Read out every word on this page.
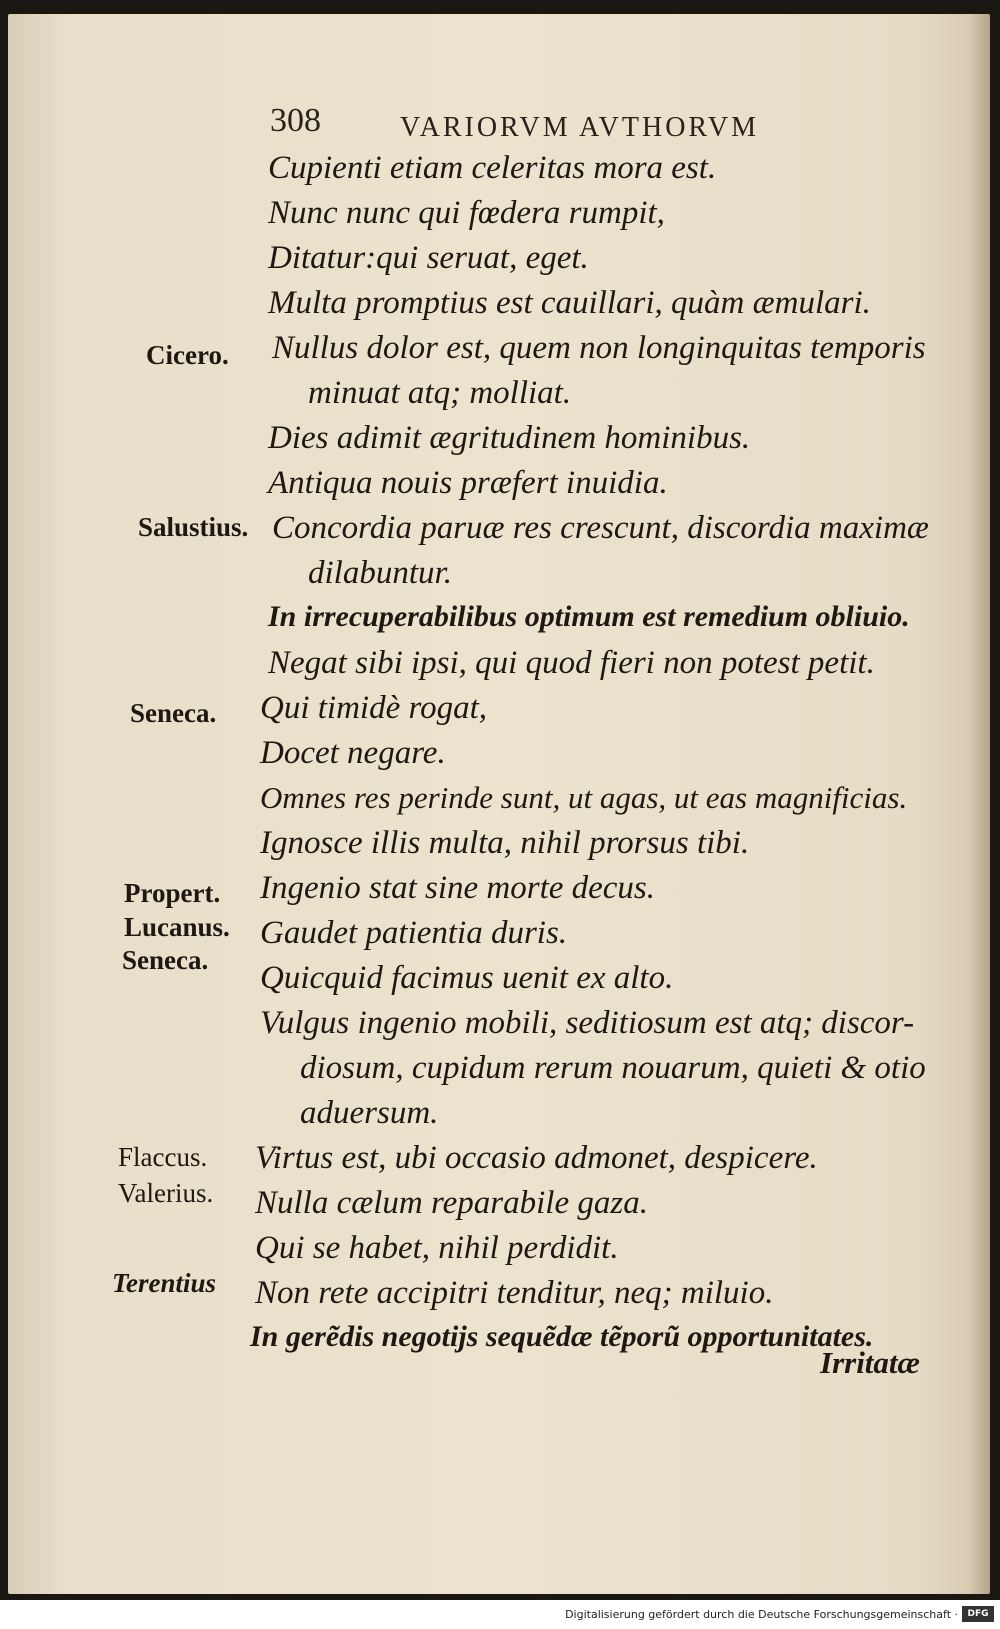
308	VARIORVM AVTHORVM
Cupienti etiam celeritas mora est.
Nunc nunc qui fœdera rumpit,
Ditatur:qui seruat, eget.
Multa promptius est cauillari, quàm æmulari.
Nullus dolor est, quem non longinquitas temporis
minuat atq; molliat.
Dies adimit ægritudinem hominibus.
Antiqua nouis præfert inuidia.
Concordia paruæ res crescunt, discordia maximæ
dilabuntur.
In irrecuperabilibus optimum est remedium obliuio.
Negat sibi ipsi, qui quod fieri non potest petit.
Qui timidè rogat,
Docet negare.
Omnes res perinde sunt, ut agas, ut eas magnificias.
Ignosce illis multa, nihil prorsus tibi.
Ingenio stat sine morte decus.
Gaudet patientia duris.
Quicquid facimus uenit ex alto.
Vulgus ingenio mobili, seditiosum est atq; discor-
diosum, cupidum rerum nouarum, quieti & otio
aduersum.
Virtus est, ubi occasio admonet, despicere.
Nulla cælum reparabile gaza.
Qui se habet, nihil perdidit.
Non rete accipitri tenditur, neq; miluio.
In gerẽdis negotijs sequẽdæ tẽporũ opportunitates.
Cicero.
Salustius.
Seneca.
Propert.
Lucanus.
Seneca.
Flaccus.
Valerius.
Terentius
Irritatæ
Digitalisierung gefördert durch die Deutsche Forschungsgemeinschaft ·	DFG
